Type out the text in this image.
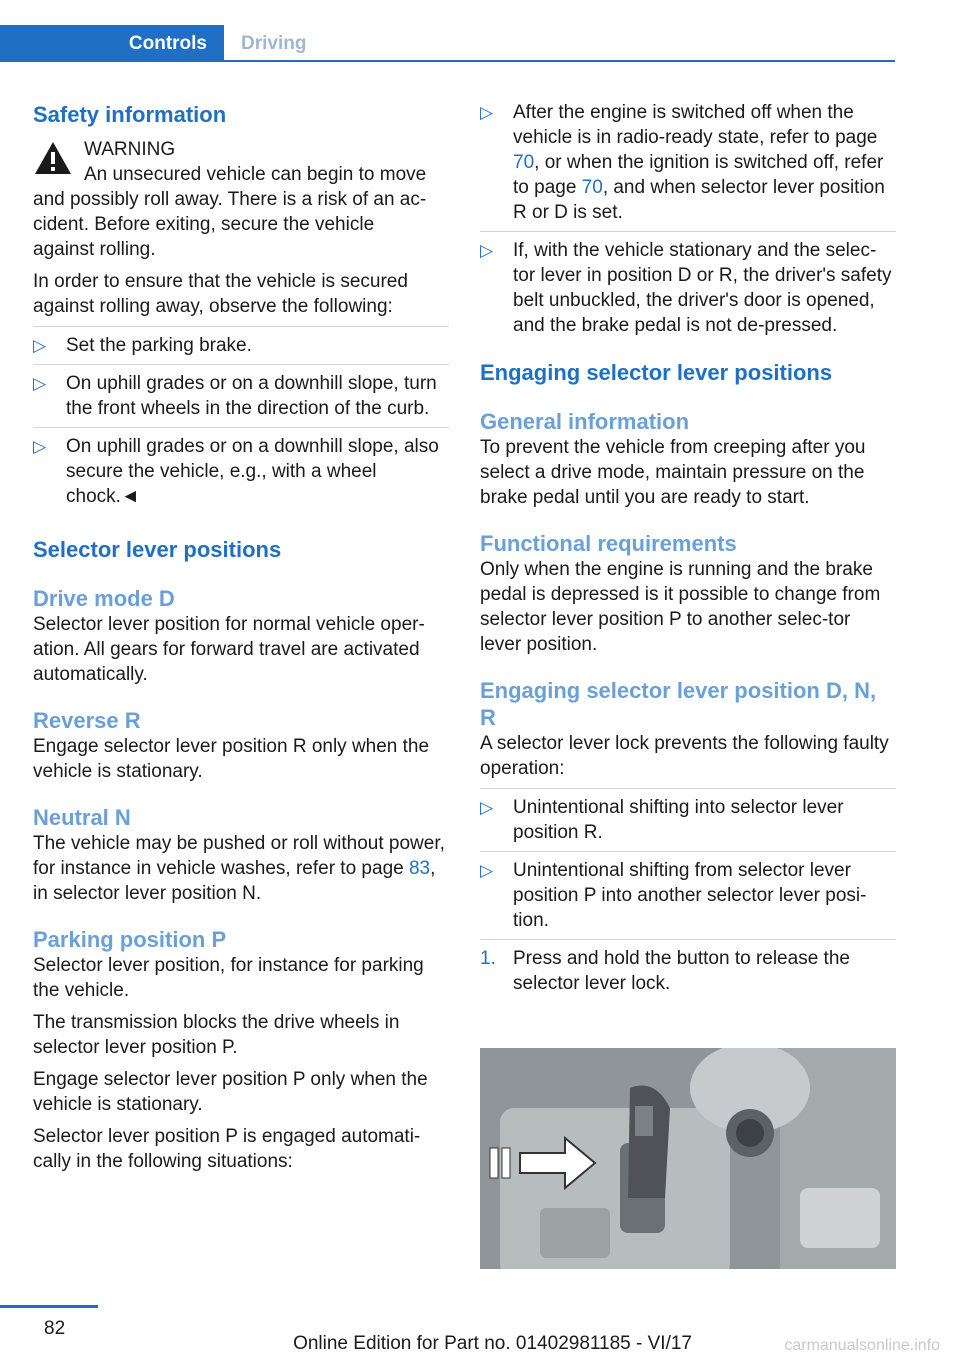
Controls Driving
Safety information

WARNING

An unsecured vehicle can begin to move

and possibly roll away. There is a risk of an ac-

cident. Before exiting, secure the vehicle

against rolling.

In order to ensure that the vehicle is secured against rolling away, observe the following:

▷ Set the parking brake.
▷ On uphill grades or on a downhill slope, turn the front wheels in the direction of the curb.
▷ On uphill grades or on a downhill slope, also secure the vehicle, e.g., with a wheel chock.◄
Selector lever positions
Drive mode D

Selector lever position for normal vehicle oper-ation. All gears for forward travel are activated automatically.

Reverse R

Engage selector lever position R only when the vehicle is stationary.

Neutral N

The vehicle may be pushed or roll without power, for instance in vehicle washes, refer to page 83, in selector lever position N.

Parking position P

Selector lever position, for instance for parking the vehicle.

The transmission blocks the drive wheels in selector lever position P.

Engage selector lever position P only when the vehicle is stationary.

Selector lever position P is engaged automati-cally in the following situations:

▷ After the engine is switched off when the vehicle is in radio-ready state, refer to page 70, or when the ignition is switched off, refer to page 70, and when selector lever position R or D is set.
▷ If, with the vehicle stationary and the selec-tor lever in position D or R, the driver's safety belt unbuckled, the driver's door is opened, and the brake pedal is not de-pressed.
Engaging selector lever positions
General information

To prevent the vehicle from creeping after you select a drive mode, maintain pressure on the brake pedal until you are ready to start.

Functional requirements

Only when the engine is running and the brake pedal is depressed is it possible to change from selector lever position P to another selec-tor lever position.

Engaging selector lever position D, N, R

A selector lever lock prevents the following faulty operation:

▷ Unintentional shifting into selector lever position R.
▷ Unintentional shifting from selector lever position P into another selector lever posi-tion.
1. Press and hold the button to release the selector lever lock.
82
Online Edition for Part no. 01402981185 - VI/17	carmanualsonline.info
